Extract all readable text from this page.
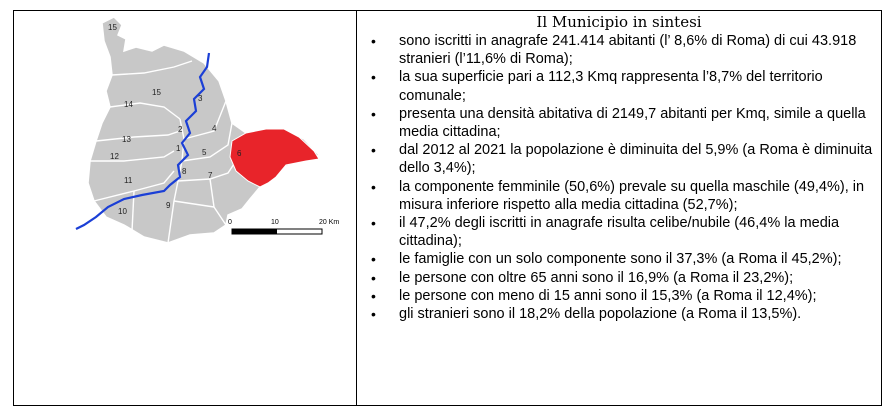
15
15
14
3
2	4
13
1	5	6
12
8	7
11
10
9
0	10	20 Km
Il Municipio in sintesi
• sono iscritti in anagrafe 241.414 abitanti (l’ 8,6% di Roma) di cui 43.918 stranieri (l’11,6% di Roma);
• la sua superficie pari a 112,3 Kmq rappresenta l’8,7% del territorio comunale;
• presenta una densità abitativa di 2149,7 abitanti per Kmq, simile a quella media cittadina;
• dal 2012 al 2021 la popolazione è diminuita del 5,9% (a Roma è diminuita dello 3,4%);
• la componente femminile (50,6%) prevale su quella maschile (49,4%), in misura inferiore rispetto alla media cittadina (52,7%);
• il 47,2% degli iscritti in anagrafe risulta celibe/nubile (46,4% la media cittadina);
• le famiglie con un solo componente sono il 37,3% (a Roma il 45,2%);
• le persone con oltre 65 anni sono il 16,9% (a Roma il 23,2%);
• le persone con meno di 15 anni sono il 15,3% (a Roma il 12,4%);
• gli stranieri sono il 18,2% della popolazione (a Roma il 13,5%).
